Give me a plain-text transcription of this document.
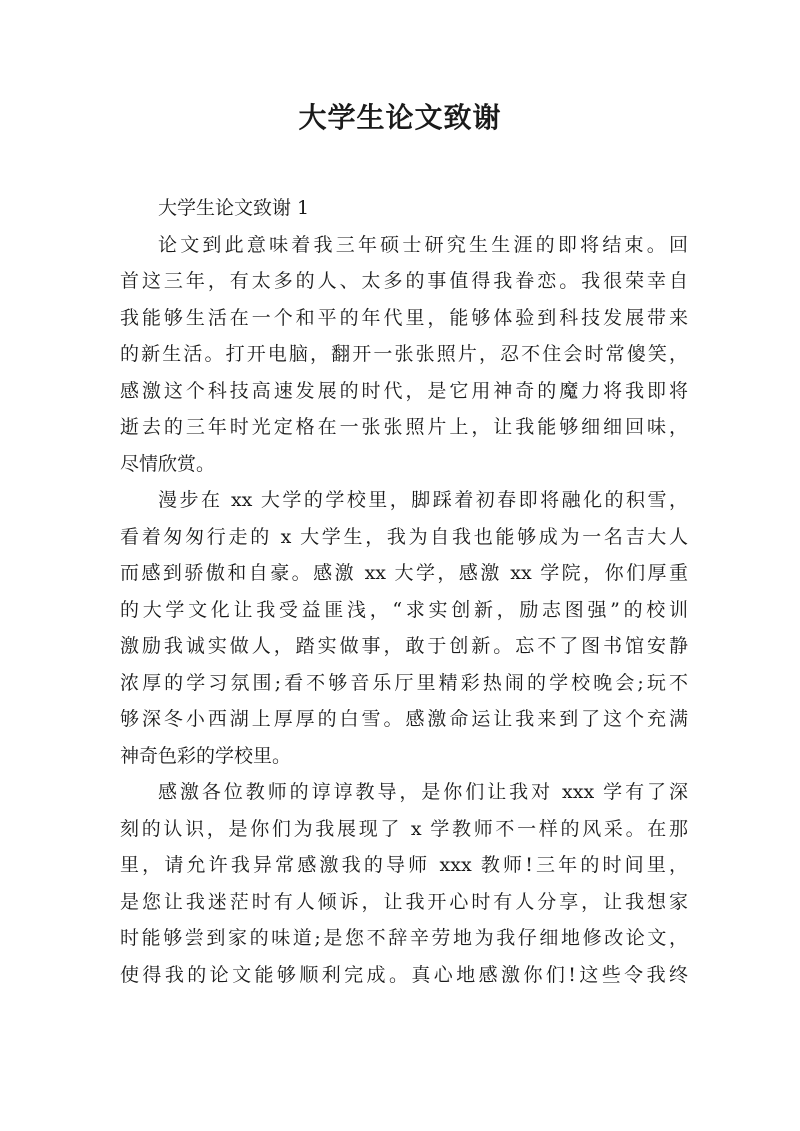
大学生论文致谢
大学生论文致谢 1
论文到此意味着我三年硕士研究生生涯的即将结束。回
首这三年，有太多的人、太多的事值得我眷恋。我很荣幸自
我能够生活在一个和平的年代里，能够体验到科技发展带来
的新生活。打开电脑，翻开一张张照片，忍不住会时常傻笑，
感激这个科技高速发展的时代，是它用神奇的魔力将我即将
逝去的三年时光定格在一张张照片上，让我能够细细回味，
尽情欣赏。
漫步在 xx 大学的学校里，脚踩着初春即将融化的积雪，
看着匆匆行走的 x 大学生，我为自我也能够成为一名吉大人
而感到骄傲和自豪。感激 xx 大学，感激 xx 学院，你们厚重
的大学文化让我受益匪浅，“求实创新，励志图强”的校训
激励我诚实做人，踏实做事，敢于创新。忘不了图书馆安静
浓厚的学习氛围;看不够音乐厅里精彩热闹的学校晚会;玩不
够深冬小西湖上厚厚的白雪。感激命运让我来到了这个充满
神奇色彩的学校里。
感激各位教师的谆谆教导，是你们让我对 xxx 学有了深
刻的认识，是你们为我展现了 x 学教师不一样的风采。在那
里，请允许我异常感激我的导师 xxx 教师!三年的时间里，
是您让我迷茫时有人倾诉，让我开心时有人分享，让我想家
时能够尝到家的味道;是您不辞辛劳地为我仔细地修改论文，
使得我的论文能够顺利完成。真心地感激你们!这些令我终
